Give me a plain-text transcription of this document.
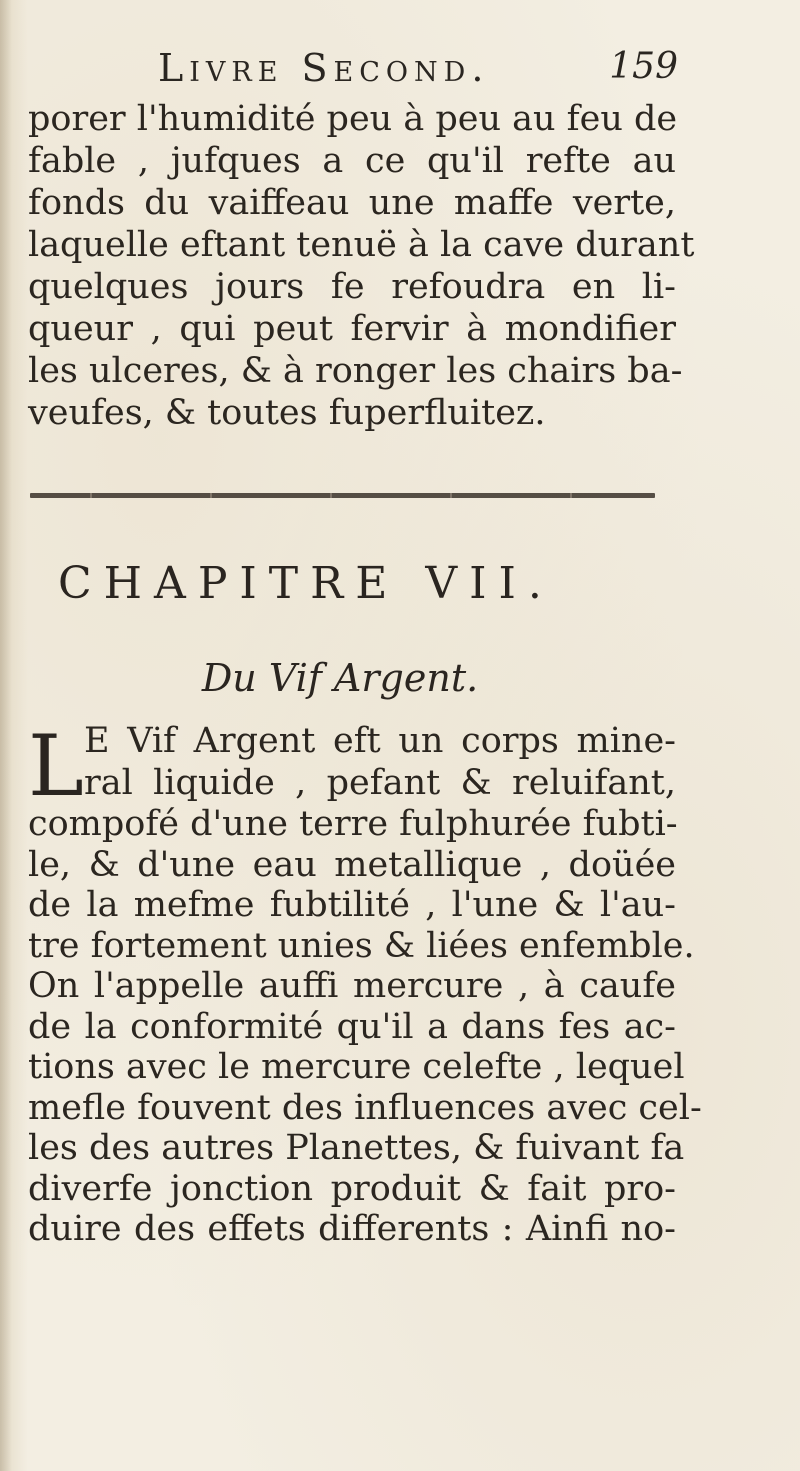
Livre Second.	159
porer l'humidité peu à peu au feu de
fable , jufques a ce qu'il refte au
fonds du vaiffeau une maffe verte,
laquelle eftant tenuë à la cave durant
quelques jours fe refoudra en li-
queur , qui peut fervir à mondifier
les ulceres, & à ronger les chairs ba-
veufes, & toutes fuperfluitez.
CHAPITRE VII.
Du Vif Argent.
L E Vif Argent eft un corps mine-
ral liquide , pefant & reluifant,
compofé d'une terre fulphurée fubti-
le, & d'une eau metallique , doüée
de la mefme fubtilité , l'une & l'au-
tre fortement unies & liées enfemble.
On l'appelle auffi mercure , à caufe
de la conformité qu'il a dans fes ac-
tions avec le mercure celefte , lequel
mefle fouvent des influences avec cel-
les des autres Planettes, & fuivant fa
diverfe jonction produit & fait pro-
duire des effets differents : Ainfi no-
